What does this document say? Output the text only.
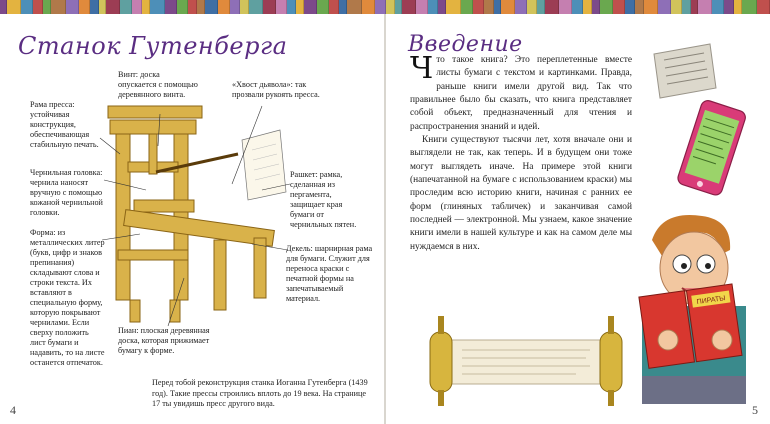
Станок Гутенберга
Винт: доска опускается с помощью деревянного винта.
«Хвост дьявола»: так прозвали рукоять пресса.
Рама пресса: устойчивая конструкция, обеспечивающая стабильную печать.
Чернильная головка: чернила наносят вручную с помощью кожаной чернильной головки.
Рашкет: рамка, сделанная из пергамента, защищает края бумаги от чернильных пятен.
Форма: из металлических литер (букв, цифр и знаков препинания) складывают слова и строки текста. Их вставляют в специальную форму, которую покрывают чернилами. Если сверху положить лист бумаги и надавить, то на листе останется отпечаток.
Декель: шарнирная рама для бумаги. Служит для переноса краски с печатной формы на запечатываемый материал.
Пиан: плоская деревянная доска, которая прижимает бумагу к форме.
Перед тобой реконструкция станка Иоганна Гутенберга (1439 год). Такие прессы строились вплоть до 19 века. На странице 17 ты увидишь пресс другого вида.
4
Введение

Что такое книга? Это переплетенные вместе листы бумаги с текстом и картинками. Правда, раньше книги имели другой вид. Так что правильнее было бы сказать, что книга представляет собой объект, предназначенный для чтения и распространения знаний и идей.

Книги существуют тысячи лет, хотя вначале они и выглядели не так, как теперь. И в будущем они тоже могут выглядеть иначе. На примере этой книги (напечатанной на бумаге с использованием краски) мы проследим всю историю книги, начиная с ранних ее форм (глиняных табличек) и заканчивая самой последней — электронной. Мы узнаем, какое значение книги имели в нашей культуре и как на самом деле мы нуждаемся в них.

ПИРАТЫ
5
